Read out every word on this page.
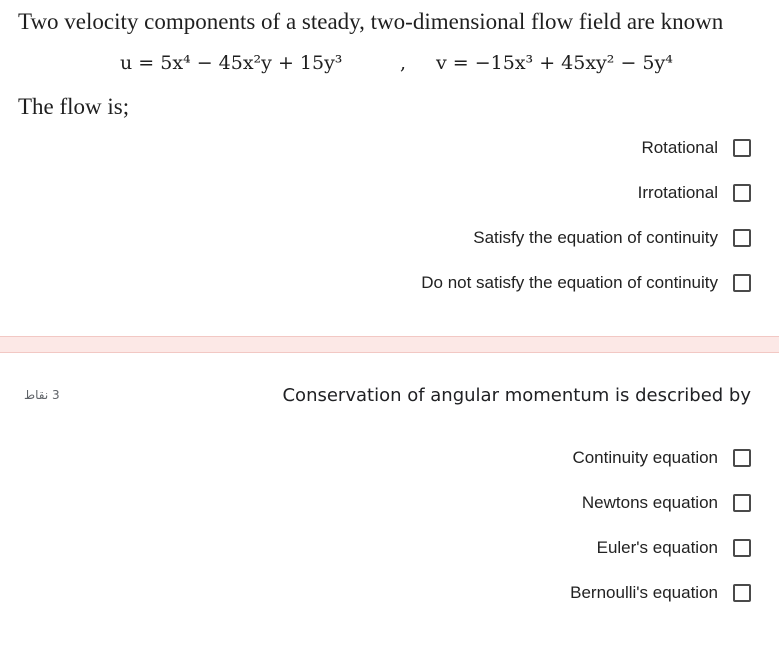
Two velocity components of a steady, two-dimensional flow field are known
u = 5x⁴ − 45x²y + 15y³	, v = −15x³ + 45xy² − 5y⁴
The flow is;
Rotational
Irrotational
Satisfy the equation of continuity
Do not satisfy the equation of continuity
3 نقاط	Conservation of angular momentum is described by
Continuity equation
Newtons equation
Euler's equation
Bernoulli's equation
